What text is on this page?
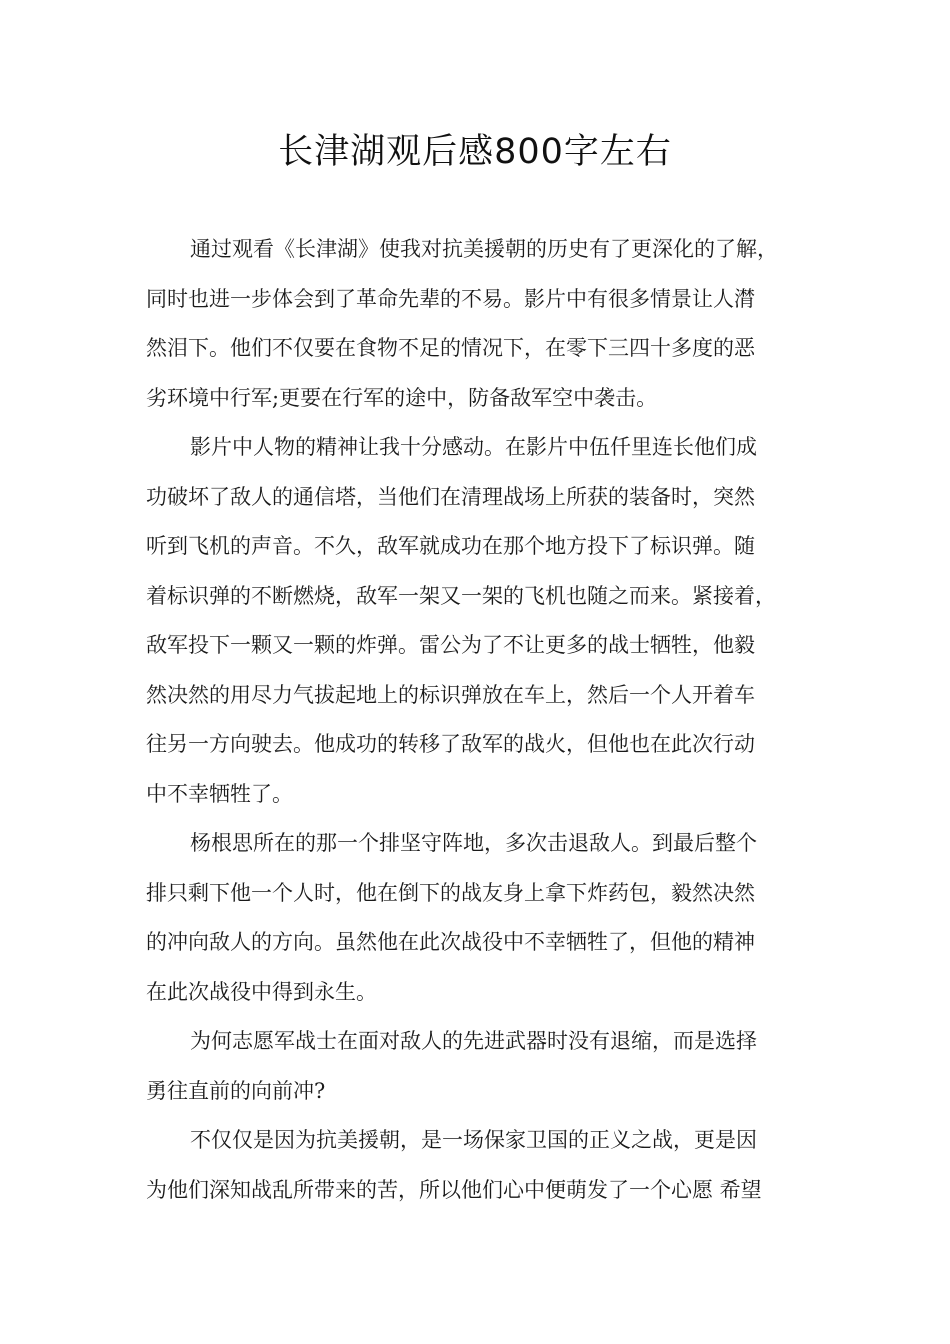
长津湖观后感800字左右
通过观看《长津湖》使我对抗美援朝的历史有了更深化的了解，
同时也进一步体会到了革命先辈的不易。影片中有很多情景让人潸
然泪下。他们不仅要在食物不足的情况下，在零下三四十多度的恶
劣环境中行军;更要在行军的途中，防备敌军空中袭击。
影片中人物的精神让我十分感动。在影片中伍仟里连长他们成
功破坏了敌人的通信塔，当他们在清理战场上所获的装备时，突然
听到飞机的声音。不久，敌军就成功在那个地方投下了标识弹。随
着标识弹的不断燃烧，敌军一架又一架的飞机也随之而来。紧接着，
敌军投下一颗又一颗的炸弹。雷公为了不让更多的战士牺牲，他毅
然决然的用尽力气拔起地上的标识弹放在车上，然后一个人开着车
往另一方向驶去。他成功的转移了敌军的战火，但他也在此次行动
中不幸牺牲了。
杨根思所在的那一个排坚守阵地，多次击退敌人。到最后整个
排只剩下他一个人时，他在倒下的战友身上拿下炸药包，毅然决然
的冲向敌人的方向。虽然他在此次战役中不幸牺牲了，但他的精神
在此次战役中得到永生。
为何志愿军战士在面对敌人的先进武器时没有退缩，而是选择
勇往直前的向前冲?
不仅仅是因为抗美援朝，是一场保家卫国的正义之战，更是因
为他们深知战乱所带来的苦，所以他们心中便萌发了一个心愿 希望
